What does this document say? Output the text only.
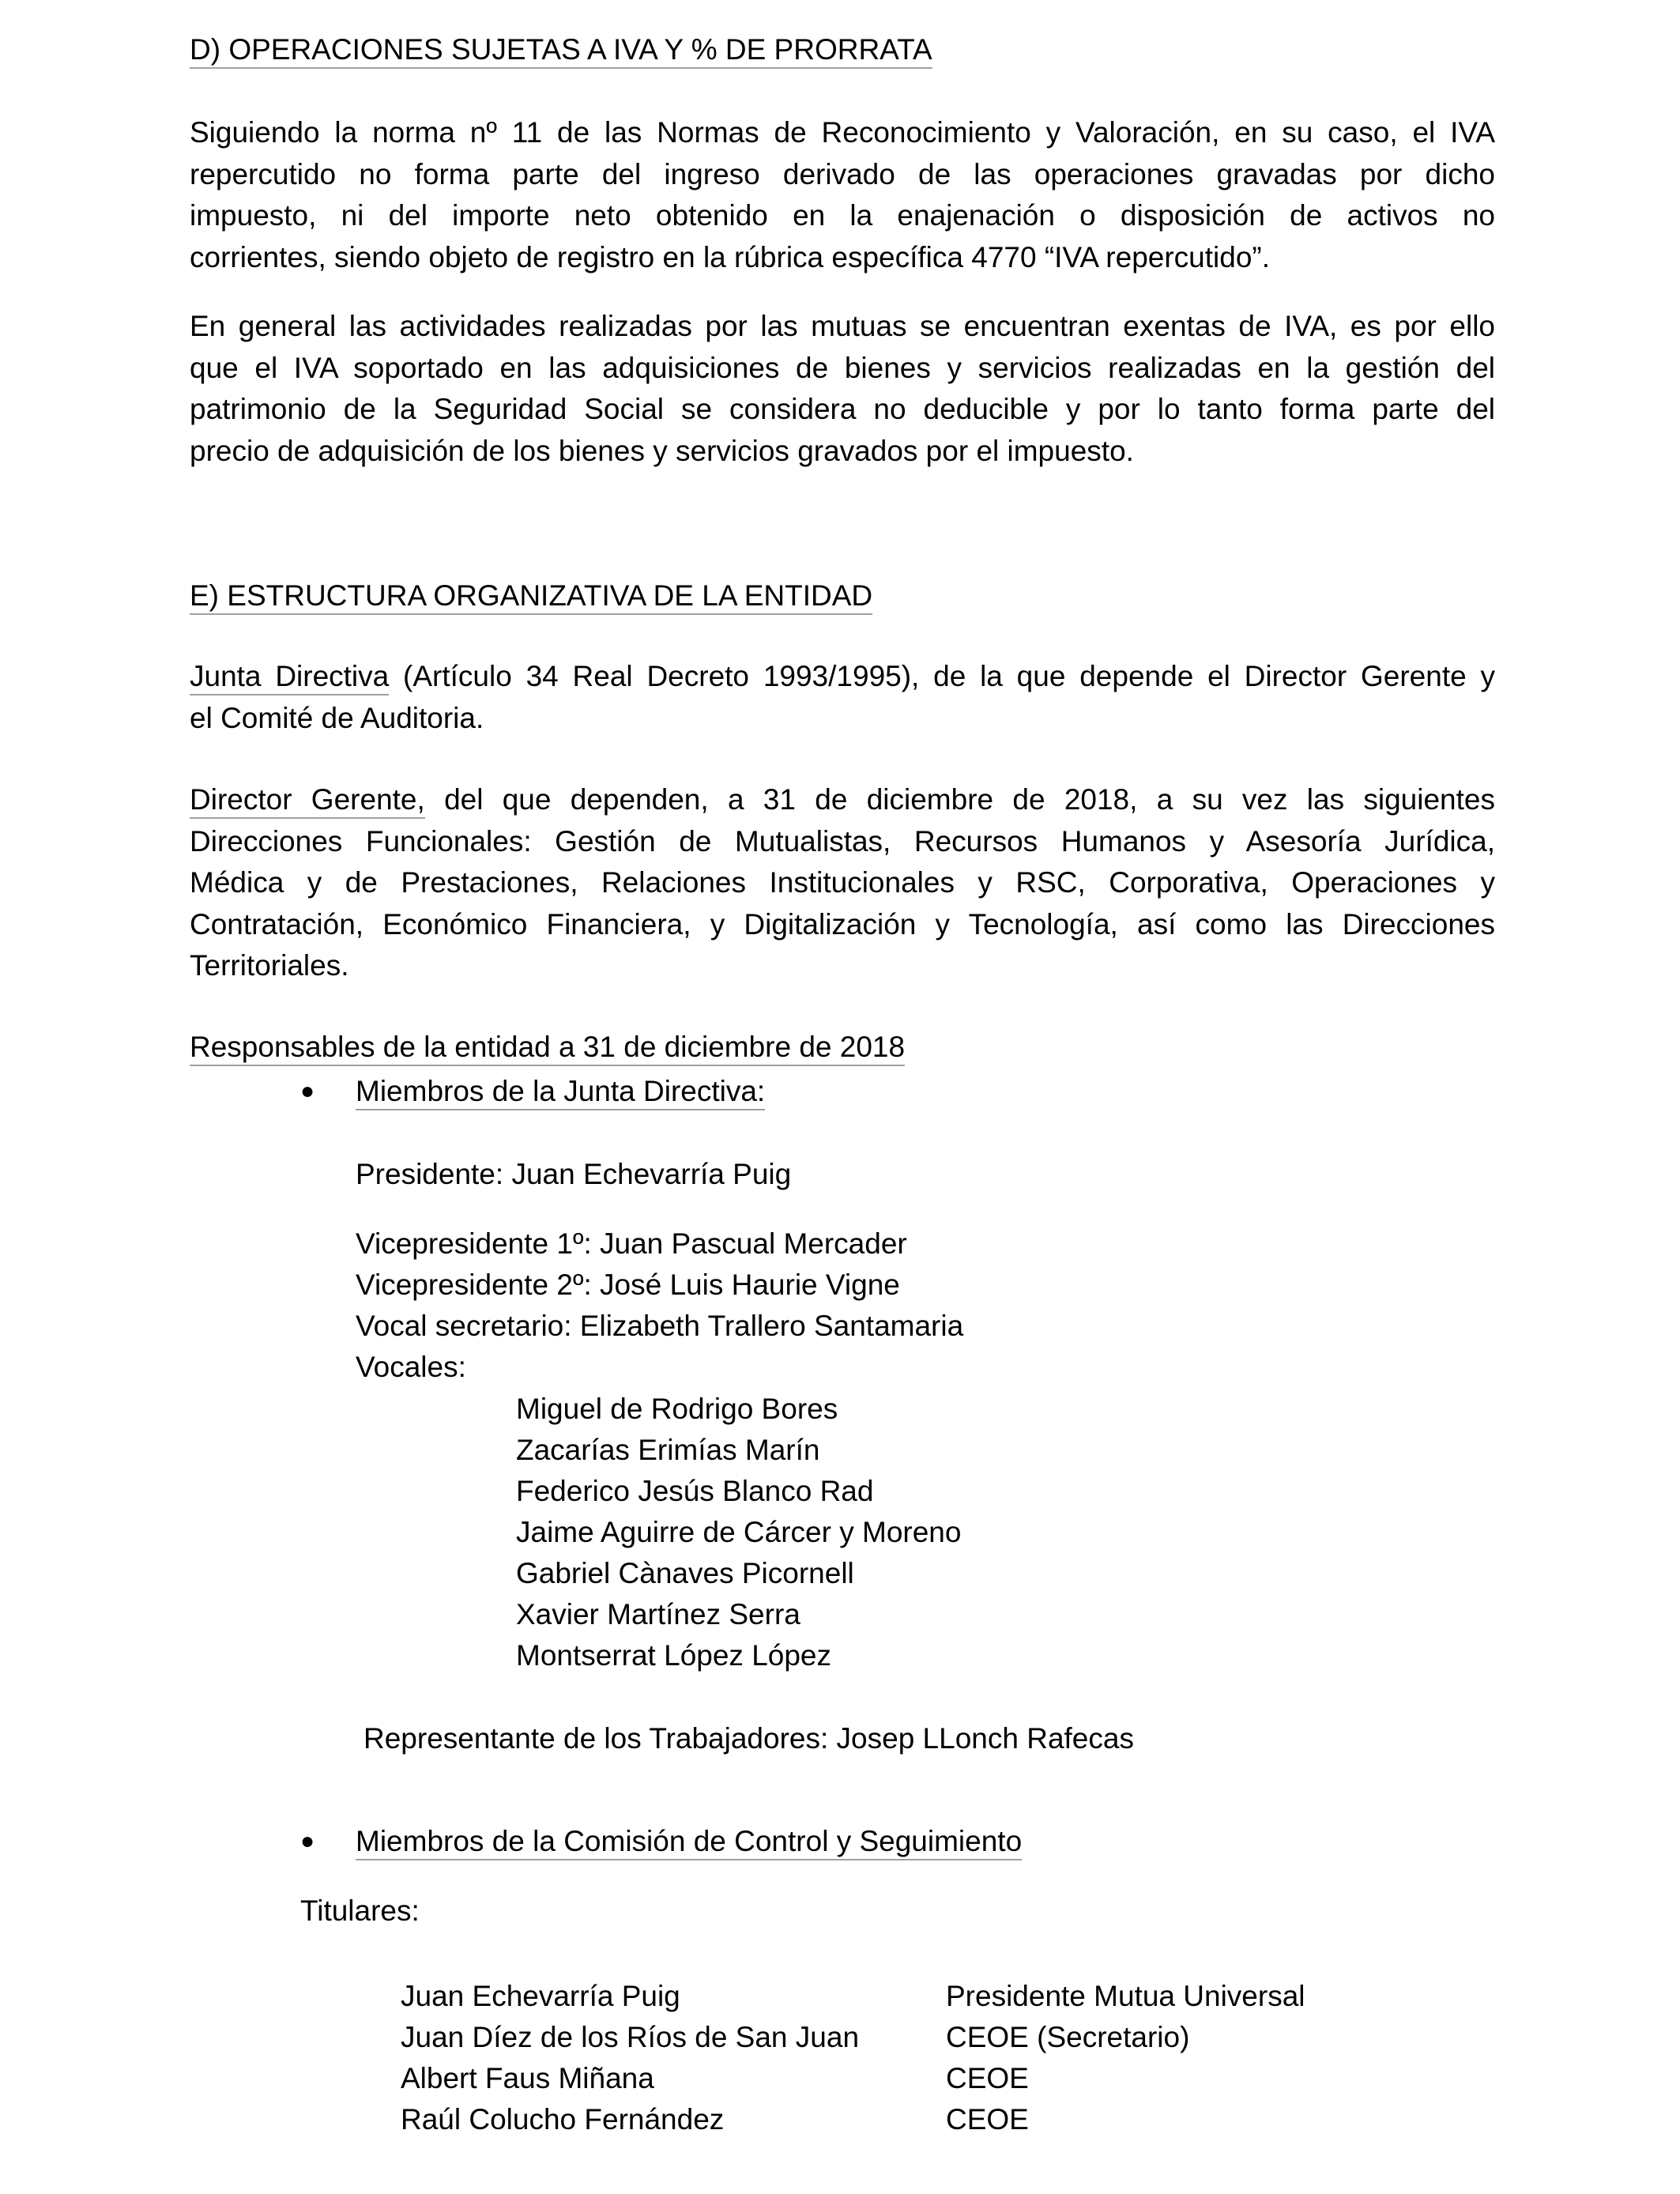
D) OPERACIONES SUJETAS A IVA Y % DE PRORRATA
Siguiendo la norma nº 11 de las Normas de Reconocimiento y Valoración, en su caso, el IVA
repercutido no forma parte del ingreso derivado de las operaciones gravadas por dicho
impuesto, ni del importe neto obtenido en la enajenación o disposición de activos no
corrientes, siendo objeto de registro en la rúbrica específica 4770 “IVA repercutido”.
En general las actividades realizadas por las mutuas se encuentran exentas de IVA, es por ello
que el IVA soportado en las adquisiciones de bienes y servicios realizadas en la gestión del
patrimonio de la Seguridad Social se considera no deducible y por lo tanto forma parte del
precio de adquisición de los bienes y servicios gravados por el impuesto.
E) ESTRUCTURA ORGANIZATIVA DE LA ENTIDAD
Junta Directiva (Artículo 34 Real Decreto 1993/1995), de la que depende el Director Gerente y
el Comité de Auditoria.
Director Gerente, del que dependen, a 31 de diciembre de 2018, a su vez las siguientes
Direcciones Funcionales: Gestión de Mutualistas, Recursos Humanos y Asesoría Jurídica,
Médica y de Prestaciones, Relaciones Institucionales y RSC, Corporativa, Operaciones y
Contratación, Económico Financiera, y Digitalización y Tecnología, así como las Direcciones
Territoriales.
Responsables de la entidad a 31 de diciembre de 2018
● Miembros de la Junta Directiva:
Presidente: Juan Echevarría Puig
Vicepresidente 1º: Juan Pascual Mercader
Vicepresidente 2º: José Luis Haurie Vigne
Vocal secretario: Elizabeth Trallero Santamaria
Vocales:
Miguel de Rodrigo Bores
Zacarías Erimías Marín
Federico Jesús Blanco Rad
Jaime Aguirre de Cárcer y Moreno
Gabriel Cànaves Picornell
Xavier Martínez Serra
Montserrat López López
Representante de los Trabajadores: Josep LLonch Rafecas
● Miembros de la Comisión de Control y Seguimiento
Titulares:
Juan Echevarría Puig	Presidente Mutua Universal
Juan Díez de los Ríos de San Juan	CEOE (Secretario)
Albert Faus Miñana	CEOE
Raúl Colucho Fernández	CEOE
